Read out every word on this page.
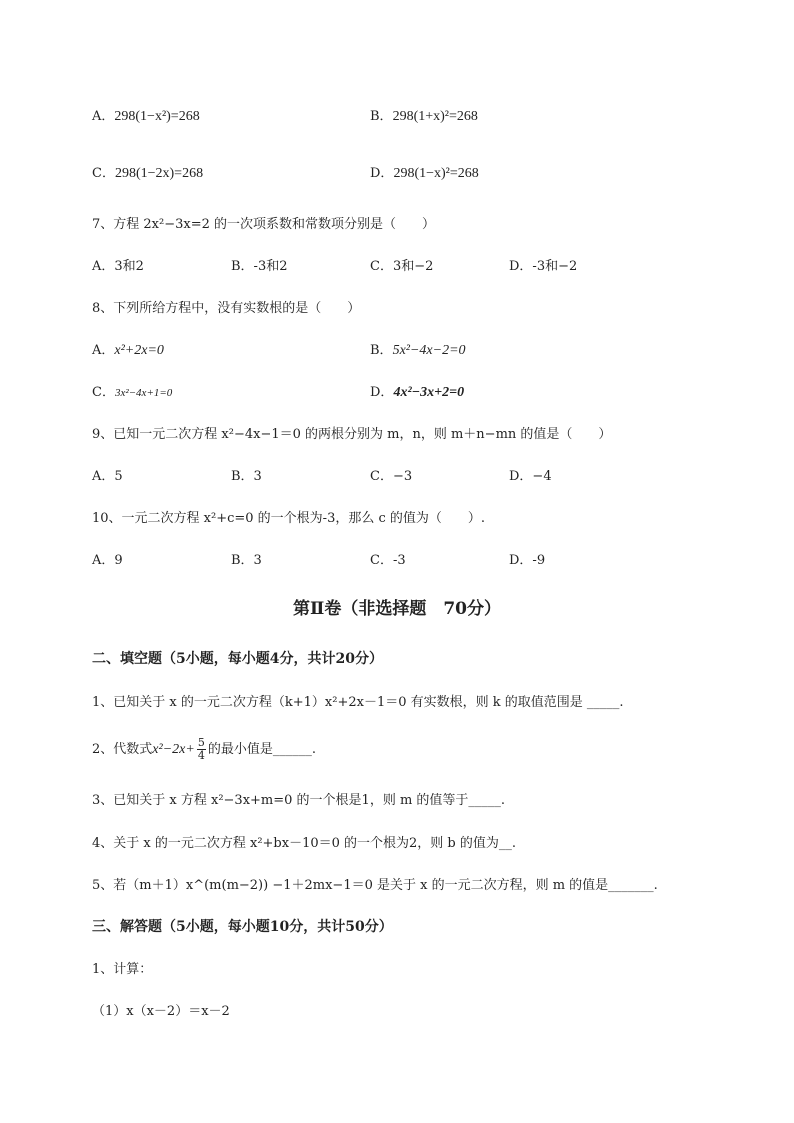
A．298(1−x²)=268	B．298(1+x)²=268
C．298(1−2x)=268	D．298(1−x)²=268
7、方程 2x²−3x=2 的一次项系数和常数项分别是（　　）
A．3和2	B．-3和2	C．3和−2	D．-3和−2
8、下列所给方程中，没有实数根的是（　　）
A．x²+2x=0	B．5x²−4x−2=0
C．3x²−4x+1=0	D．4x²−3x+2=0
9、已知一元二次方程 x²−4x−1＝0 的两根分别为 m，n，则 m＋n−mn 的值是（　　）
A．5	B．3	C．−3	D．−4
10、一元二次方程 x²+c=0 的一个根为-3，那么 c 的值为（　　）.
A．9	B．3	C．-3	D．-9
第Ⅱ卷（非选择题　70分）
二、填空题（5小题，每小题4分，共计20分）
1、已知关于 x 的一元二次方程（k+1）x²+2x－1＝0 有实数根，则 k 的取值范围是 _____.
2、代数式$x^2-2x+ \frac{5}{4}$ 的最小值是______.
3、已知关于 x 方程 x²−3x+m=0 的一个根是1，则 m 的值等于_____.
4、关于 x 的一元二次方程 x²+bx－10＝0 的一个根为2，则 b 的值为__.
5、若（m＋1）x^(m(m−2)) −1＋2mx−1＝0 是关于 x 的一元二次方程，则 m 的值是_______.
三、解答题（5小题，每小题10分，共计50分）
1、计算：
（1）x（x－2）＝x－2
